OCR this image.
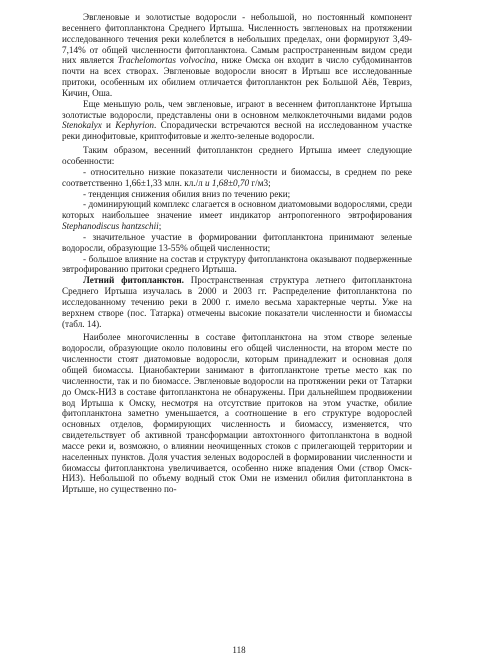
Эвгленовые и золотистые водоросли - небольшой, но постоянный компонент весеннего фитопланктона Среднего Иртыша. Численность эвгленовых на протяжении исследованного течения реки колеблется в небольших пределах, они формируют 3,49-7,14% от общей численности фитопланктона. Самым распространенным видом среди них является Trachelomortas volvocina, ниже Омска он входит в число субдоминантов почти на всех створах. Эвгленовые водоросли вносят в Иртыш все исследованные притоки, особенным их обилием отличается фитопланктон рек Большой Аёв, Тевриз, Кичин, Оша.

Еще меньшую роль, чем эвгленовые, играют в весеннем фитопланктоне Иртыша золотистые водоросли, представлены они в основном мелкоклеточными видами родов Stenokalyx и Kephyrion. Спорадически встречаются весной на исследованном участке реки динофитовые, криптофитовые и желто-зеленые водоросли.

Таким образом, весенний фитопланктон среднего Иртыша имеет следующие особенности:

- относительно низкие показатели численности и биомассы, в среднем по реке соответственно 1,66±1,33 млн. кл./л и 1,68±0,70 г/м3;

- тенденция снижения обилия вниз по течению реки;

- доминирующий комплекс слагается в основном диатомовыми водорослями, среди которых наибольшее значение имеет индикатор антропогенного эвтрофирования Stephanodiscus hantzschii;

- значительное участие в формировании фитопланктона принимают зеленые водоросли, образующие 13-55% общей численности;

- большое влияние на состав и структуру фитопланктона оказывают подверженные эвтрофированию притоки среднего Иртыша.

Летний фитопланктон. Пространственная структура летнего фитопланктона Среднего Иртыша изучалась в 2000 и 2003 гг. Распределение фитопланктона по исследованному течению реки в 2000 г. имело весьма характерные черты. Уже на верхнем створе (пос. Татарка) отмечены высокие показатели численности и биомассы (табл. 14).

Наиболее многочисленны в составе фитопланктона на этом створе зеленые водоросли, образующие около половины его общей численности, на втором месте по численности стоят диатомовые водоросли, которым принадлежит и основная доля общей биомассы. Цианобактерии занимают в фитопланктоне третье место как по численности, так и по биомассе. Эвгленовые водоросли на протяжении реки от Татарки до Омск-НИЗ в составе фитопланктона не обнаружены. При дальнейшем продвижении вод Иртыша к Омску, несмотря на отсутствие притоков на этом участке, обилие фитопланктона заметно уменьшается, а соотношение в его структуре водорослей основных отделов, формирующих численность и биомассу, изменяется, что свидетельствует об активной трансформации автохтонного фитопланктона в водной массе реки и, возможно, о влиянии неочищенных стоков с прилегающей территории и населенных пунктов. Доля участия зеленых водорослей в формировании численности и биомассы фитопланктона увеличивается, особенно ниже впадения Оми (створ Омск-НИЗ). Небольшой по объему водный сток Оми не изменил обилия фитопланктона в Иртыше, но существенно по-

118
